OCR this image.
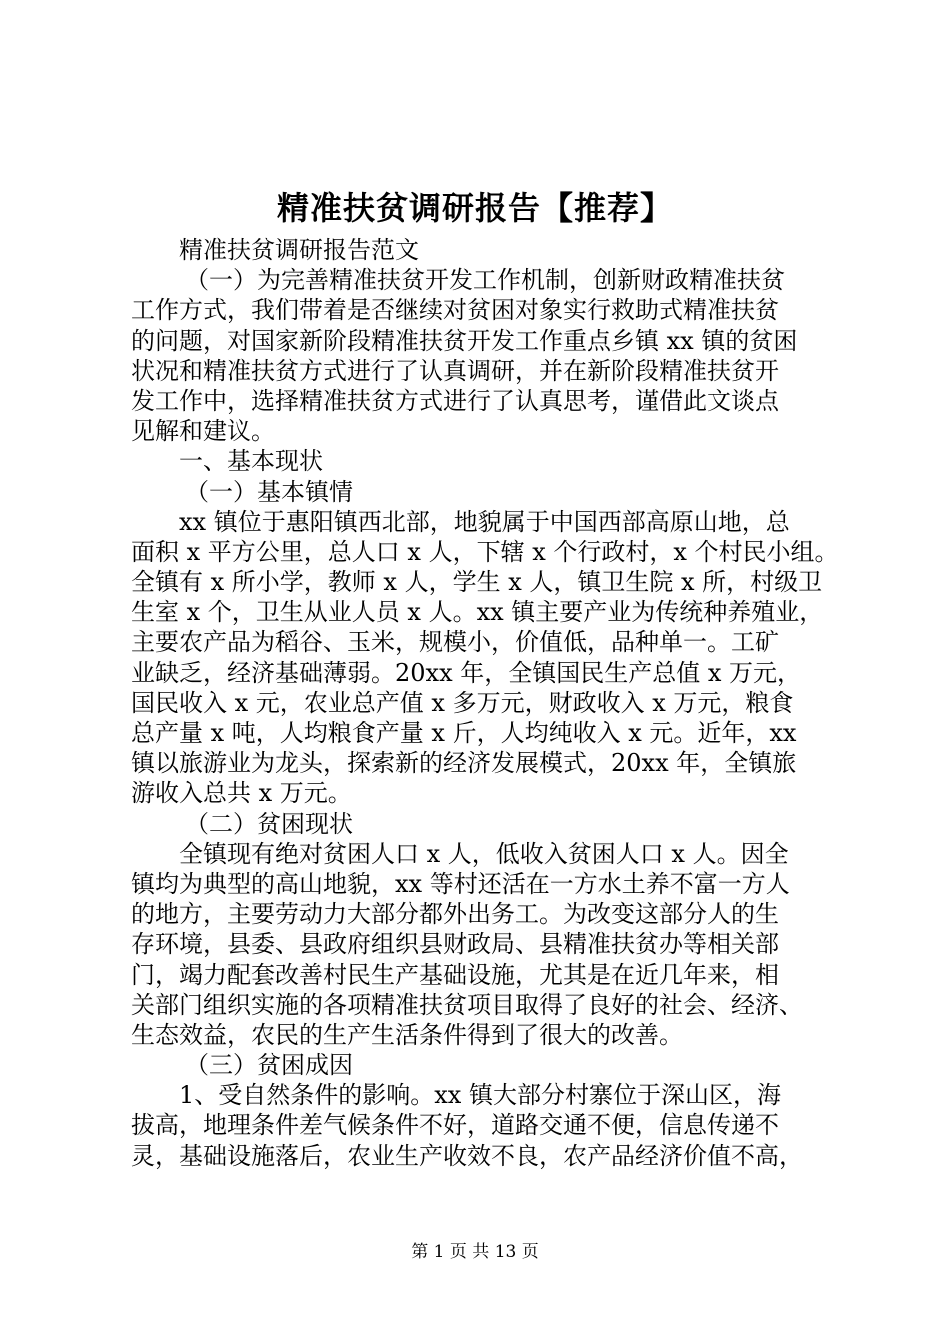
精准扶贫调研报告【推荐】
精准扶贫调研报告范文
（一）为完善精准扶贫开发工作机制，创新财政精准扶贫
工作方式，我们带着是否继续对贫困对象实行救助式精准扶贫
的问题，对国家新阶段精准扶贫开发工作重点乡镇 xx 镇的贫困
状况和精准扶贫方式进行了认真调研，并在新阶段精准扶贫开
发工作中，选择精准扶贫方式进行了认真思考，谨借此文谈点
见解和建议。
一、基本现状
（一）基本镇情
xx 镇位于惠阳镇西北部，地貌属于中国西部高原山地，总
面积 x 平方公里，总人口 x 人，下辖 x 个行政村，x 个村民小组。
全镇有 x 所小学，教师 x 人，学生 x 人，镇卫生院 x 所，村级卫
生室 x 个，卫生从业人员 x 人。xx 镇主要产业为传统种养殖业，
主要农产品为稻谷、玉米，规模小，价值低，品种单一。工矿
业缺乏，经济基础薄弱。20xx 年，全镇国民生产总值 x 万元，
国民收入 x 元，农业总产值 x 多万元，财政收入 x 万元，粮食
总产量 x 吨，人均粮食产量 x 斤，人均纯收入 x 元。近年，xx
镇以旅游业为龙头，探索新的经济发展模式，20xx 年，全镇旅
游收入总共 x 万元。
（二）贫困现状
全镇现有绝对贫困人口 x 人，低收入贫困人口 x 人。因全
镇均为典型的高山地貌，xx 等村还活在一方水土养不富一方人
的地方，主要劳动力大部分都外出务工。为改变这部分人的生
存环境，县委、县政府组织县财政局、县精准扶贫办等相关部
门，竭力配套改善村民生产基础设施，尤其是在近几年来，相
关部门组织实施的各项精准扶贫项目取得了良好的社会、经济、
生态效益，农民的生产生活条件得到了很大的改善。
（三）贫困成因
1、受自然条件的影响。xx 镇大部分村寨位于深山区，海
拔高，地理条件差气候条件不好，道路交通不便，信息传递不
灵，基础设施落后，农业生产收效不良，农产品经济价值不高，
第 1 页 共 13 页
